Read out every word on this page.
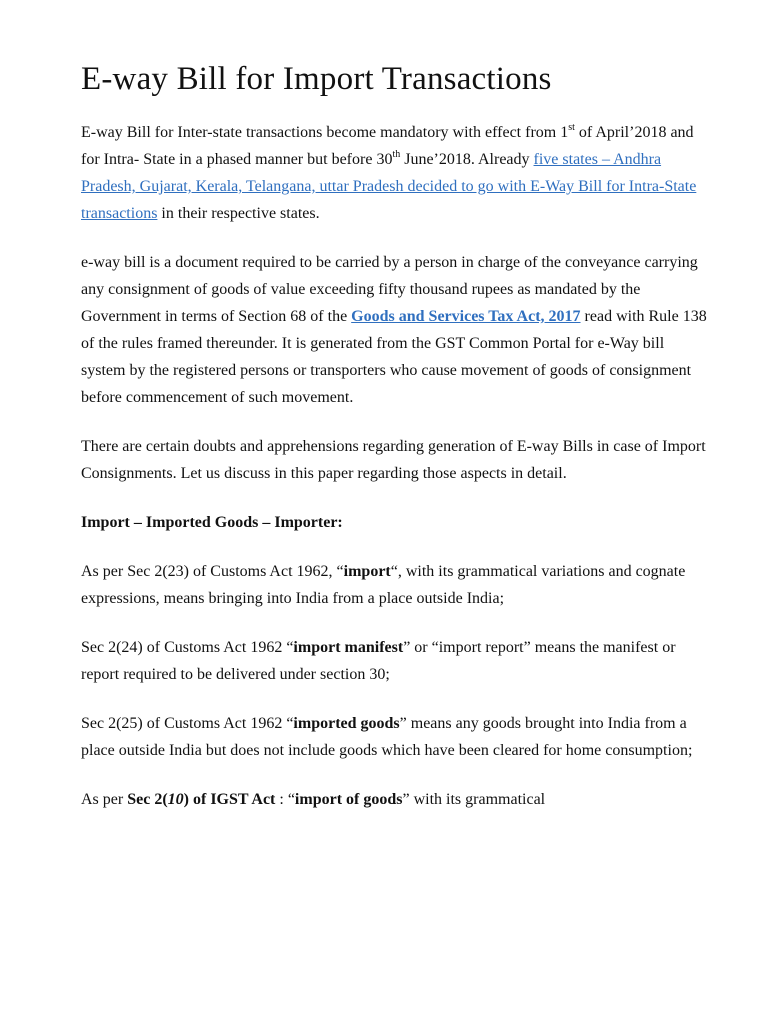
E-way Bill for Import Transactions

E-way Bill for Inter-state transactions become mandatory with effect from 1st of April’2018 and for Intra- State in a phased manner but before 30th June’2018. Already five states – Andhra Pradesh, Gujarat, Kerala, Telangana, uttar Pradesh decided to go with E-Way Bill for Intra-State transactions in their respective states.

e-way bill is a document required to be carried by a person in charge of the conveyance carrying any consignment of goods of value exceeding fifty thousand rupees as mandated by the Government in terms of Section 68 of the Goods and Services Tax Act, 2017 read with Rule 138 of the rules framed thereunder. It is generated from the GST Common Portal for e-Way bill system by the registered persons or transporters who cause movement of goods of consignment before commencement of such movement.

There are certain doubts and apprehensions regarding generation of E-way Bills in case of Import Consignments. Let us discuss in this paper regarding those aspects in detail.

Import – Imported Goods – Importer:

As per Sec 2(23) of Customs Act 1962, “import“, with its grammatical variations and cognate expressions, means bringing into India from a place outside India;

Sec 2(24) of Customs Act 1962 “import manifest” or “import report” means the manifest or report required to be delivered under section 30;

Sec 2(25) of Customs Act 1962 “imported goods” means any goods brought into India from a place outside India but does not include goods which have been cleared for home consumption;

As per Sec 2(10) of IGST Act : “import of goods” with its grammatical
